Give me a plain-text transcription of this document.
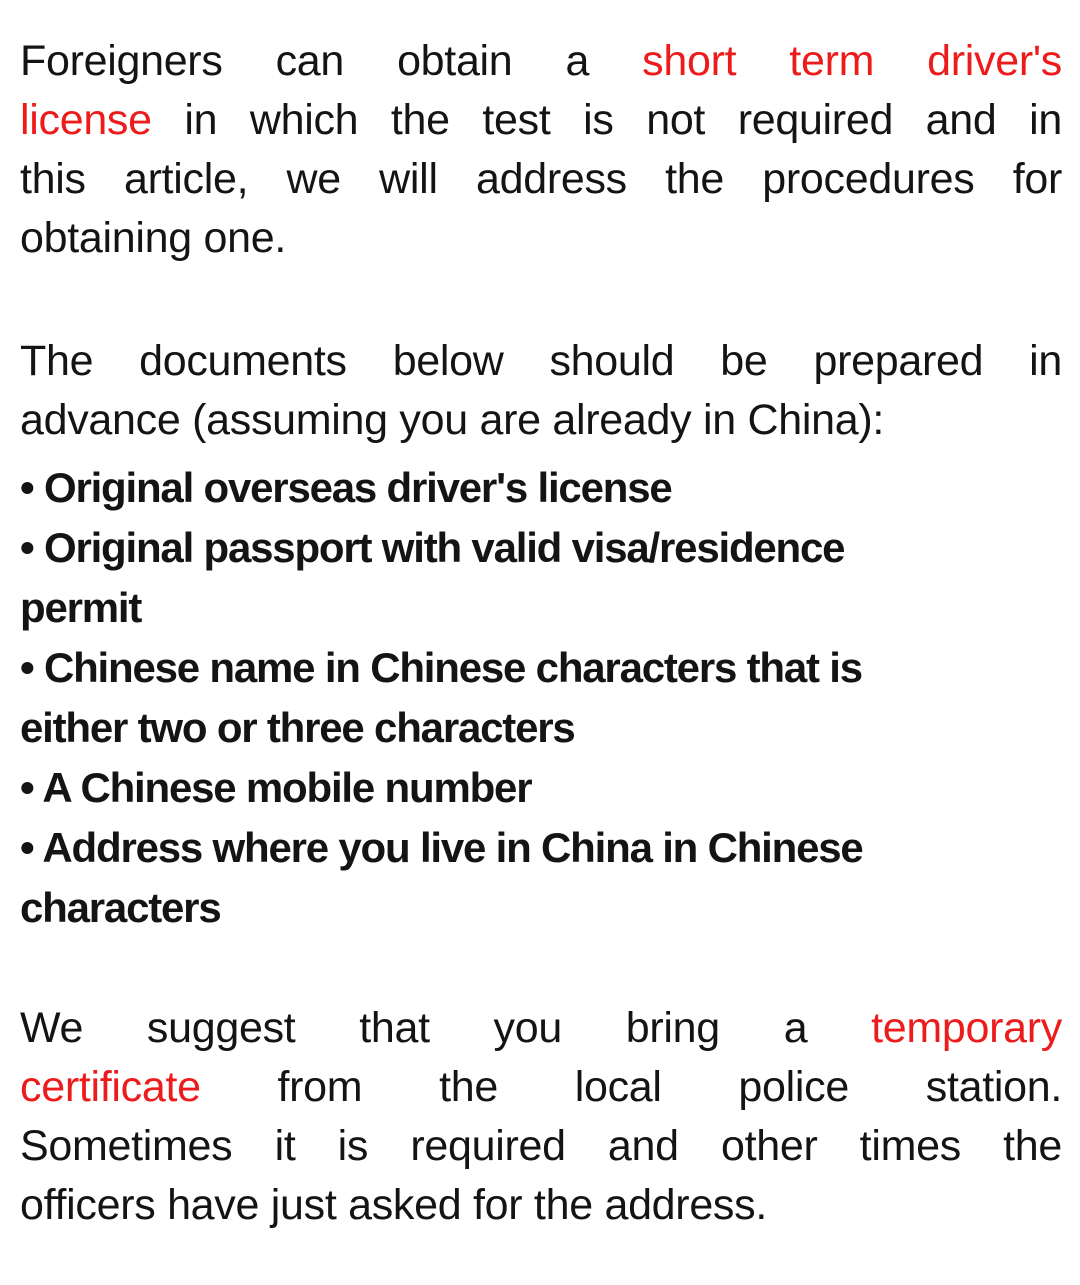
Foreigners can obtain a short term driver's
license in which the test is not required and in
this article, we will address the procedures for
obtaining one.
The documents below should be prepared in
advance (assuming you are already in China):
• Original overseas driver's license
• Original passport with valid visa/residence
permit
• Chinese name in Chinese characters that is
either two or three characters
• A Chinese mobile number
• Address where you live in China in Chinese
characters
We suggest that you bring a temporary
certificate from the local police station.
Sometimes it is required and other times the
officers have just asked for the address.
